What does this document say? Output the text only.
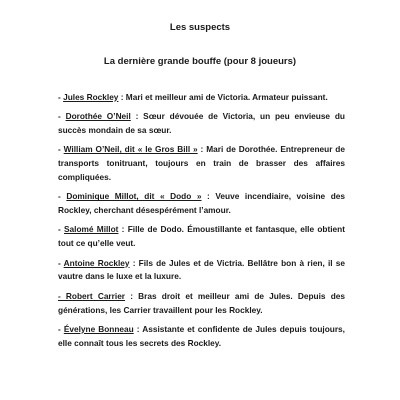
Les suspects
La dernière grande bouffe (pour 8 joueurs)
- Jules Rockley : Mari et meilleur ami de Victoria. Armateur puissant.
- Dorothée O’Neil : Sœur dévouée de Victoria, un peu envieuse du succès mondain de sa sœur.
- William O’Neil, dit « le Gros Bill » : Mari de Dorothée. Entrepreneur de transports tonitruant, toujours en train de brasser des affaires compliquées.
- Dominique Millot, dit « Dodo » : Veuve incendiaire, voisine des Rockley, cherchant désespérément l’amour.
- Salomé Millot : Fille de Dodo. Émoustillante et fantasque, elle obtient tout ce qu’elle veut.
- Antoine Rockley : Fils de Jules et de Victria. Bellâtre bon à rien, il se vautre dans le luxe et la luxure.
- Robert Carrier : Bras droit et meilleur ami de Jules. Depuis des générations, les Carrier travaillent pour les Rockley.
- Évelyne Bonneau : Assistante et confidente de Jules depuis toujours, elle connaît tous les secrets des Rockley.
